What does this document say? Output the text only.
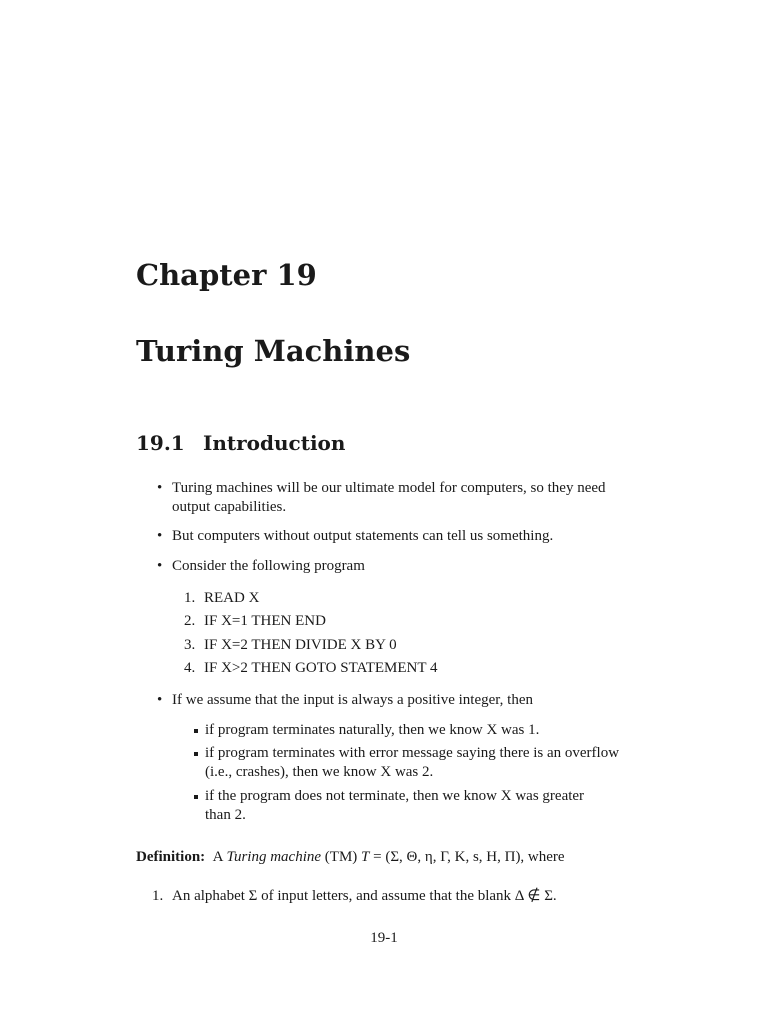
Chapter 19
Turing Machines
19.1 Introduction
• Turing machines will be our ultimate model for computers, so they need
output capabilities.
• But computers without output statements can tell us something.
• Consider the following program
1. READ X
2. IF X=1 THEN END
3. IF X=2 THEN DIVIDE X BY 0
4. IF X>2 THEN GOTO STATEMENT 4
• If we assume that the input is always a positive integer, then
if program terminates naturally, then we know X was 1.
if program terminates with error message saying there is an overflow
(i.e., crashes), then we know X was 2.
if the program does not terminate, then we know X was greater
than 2.
Definition: A Turing machine (TM) T = (Σ, Θ, η, Γ, K, s, H, Π), where
1. An alphabet Σ of input letters, and assume that the blank Δ ∉ Σ.
19-1
